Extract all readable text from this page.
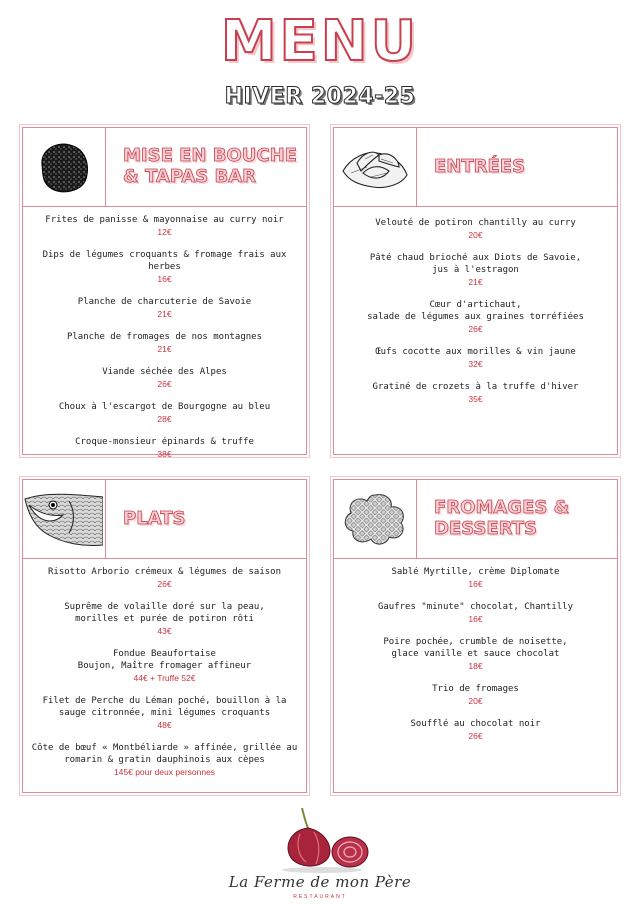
MENU
HIVER 2024-25
MISE EN BOUCHE
& TAPAS BAR
Frites de panisse & mayonnaise au curry noir
12€
Dips de légumes croquants & fromage frais aux herbes
16€
Planche de charcuterie de Savoie
21€
Planche de fromages de nos montagnes
21€
Viande séchée des Alpes
26€
Choux à l'escargot de Bourgogne au bleu
28€
Croque-monsieur épinards & truffe
38€
ENTRÉES
Velouté de potiron chantilly au curry
20€
Pâté chaud brioché aux Diots de Savoie,
jus à l'estragon
21€
Cœur d'artichaut,
salade de légumes aux graines torréfiées
26€
Œufs cocotte aux morilles & vin jaune
32€
Gratiné de crozets à la truffe d'hiver
35€
PLATS
Risotto Arborio crémeux & légumes de saison
26€
Suprême de volaille doré sur la peau,
morilles et purée de potiron rôti
43€
Fondue Beaufortaise
Boujon, Maître fromager affineur
44€ + Truffe 52€
Filet de Perche du Léman poché, bouillon à la sauge citronnée, mini légumes croquants
48€
Côte de bœuf « Montbéliarde » affinée, grillée au romarin & gratin dauphinois aux cèpes
145€ pour deux personnes
FROMAGES &
DESSERTS
Sablé Myrtille, crème Diplomate
16€
Gaufres "minute" chocolat, Chantilly
16€
Poire pochée, crumble de noisette,
glace vanille et sauce chocolat
18€
Trio de fromages
20€
Soufflé au chocolat noir
26€
La Ferme de mon Père
RESTAURANT
